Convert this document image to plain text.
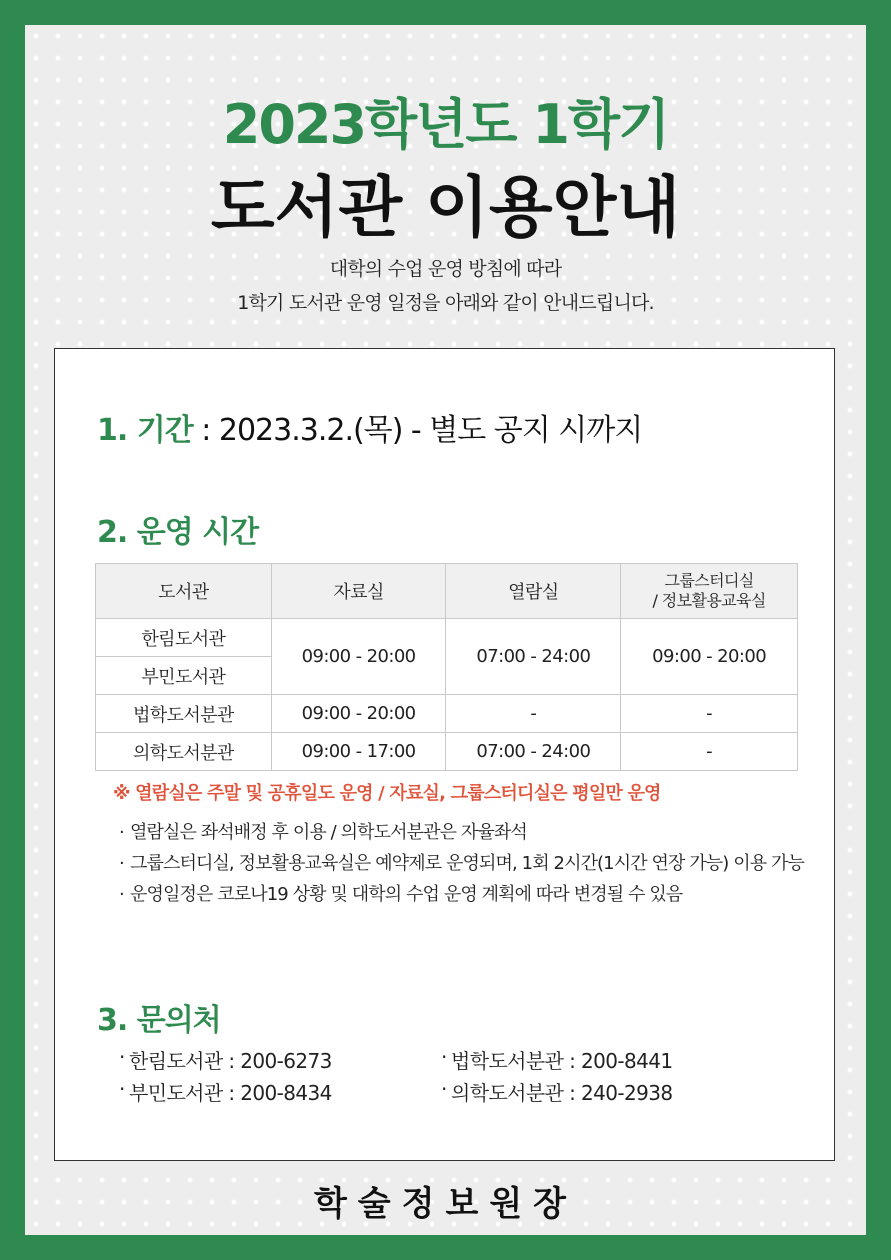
2023학년도 1학기
도서관 이용안내
대학의 수업 운영 방침에 따라
1학기 도서관 운영 일정을 아래와 같이 안내드립니다.
1. 기간 : 2023.3.2.(목) - 별도 공지 시까지
2. 운영 시간
도서관	자료실	열람실	그룹스터디실
/ 정보활용교육실

한림도서관	09:00 - 20:00	07:00 - 24:00	09:00 - 20:00
부민도서관			
법학도서분관	09:00 - 20:00	-	-
의학도서분관	09:00 - 17:00	07:00 - 24:00	-
※ 열람실은 주말 및 공휴일도 운영 / 자료실, 그룹스터디실은 평일만 운영
· 열람실은 좌석배정 후 이용 / 의학도서분관은 자율좌석
· 그룹스터디실, 정보활용교육실은 예약제로 운영되며, 1회 2시간(1시간 연장 가능) 이용 가능
· 운영일정은 코로나19 상황 및 대학의 수업 운영 계획에 따라 변경될 수 있음
3. 문의처
· 한림도서관 : 200-6273
· 부민도서관 : 200-8434
· 법학도서분관 : 200-8441
· 의학도서분관 : 240-2938
학술정보원장
